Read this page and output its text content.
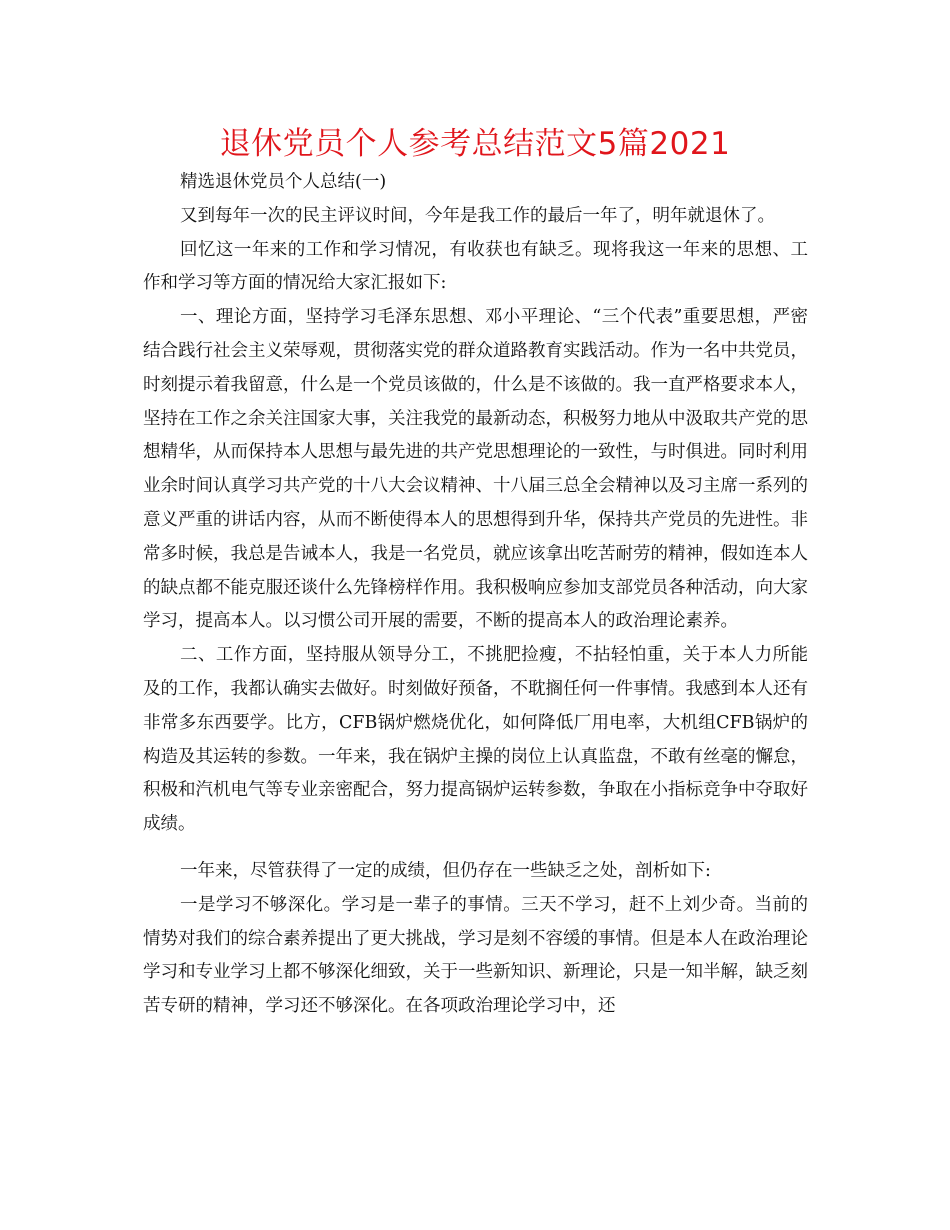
退休党员个人参考总结范文5篇2021

精选退休党员个人总结(一)

又到每年一次的民主评议时间，今年是我工作的最后一年了，明年就退休了。

回忆这一年来的工作和学习情况，有收获也有缺乏。现将我这一年来的思想、工作和学习等方面的情况给大家汇报如下:

一、理论方面，坚持学习毛泽东思想、邓小平理论、“三个代表”重要思想，严密结合践行社会主义荣辱观，贯彻落实党的群众道路教育实践活动。作为一名中共党员，时刻提示着我留意，什么是一个党员该做的，什么是不该做的。我一直严格要求本人，坚持在工作之余关注国家大事，关注我党的最新动态，积极努力地从中汲取共产党的思想精华，从而保持本人思想与最先进的共产党思想理论的一致性，与时俱进。同时利用业余时间认真学习共产党的十八大会议精神、十八届三总全会精神以及习主席一系列的意义严重的讲话内容，从而不断使得本人的思想得到升华，保持共产党员的先进性。非常多时候，我总是告诫本人，我是一名党员，就应该拿出吃苦耐劳的精神，假如连本人的缺点都不能克服还谈什么先锋榜样作用。我积极响应参加支部党员各种活动，向大家学习，提高本人。以习惯公司开展的需要，不断的提高本人的政治理论素养。

二、工作方面，坚持服从领导分工，不挑肥捡瘦，不拈轻怕重，关于本人力所能及的工作，我都认确实去做好。时刻做好预备，不耽搁任何一件事情。我感到本人还有非常多东西要学。比方，CFB锅炉燃烧优化，如何降低厂用电率，大机组CFB锅炉的构造及其运转的参数。一年来，我在锅炉主操的岗位上认真监盘，不敢有丝毫的懈怠，积极和汽机电气等专业亲密配合，努力提高锅炉运转参数，争取在小指标竞争中夺取好成绩。

一年来，尽管获得了一定的成绩，但仍存在一些缺乏之处，剖析如下:

一是学习不够深化。学习是一辈子的事情。三天不学习，赶不上刘少奇。当前的情势对我们的综合素养提出了更大挑战，学习是刻不容缓的事情。但是本人在政治理论学习和专业学习上都不够深化细致，关于一些新知识、新理论，只是一知半解，缺乏刻苦专研的精神，学习还不够深化。在各项政治理论学习中，还
